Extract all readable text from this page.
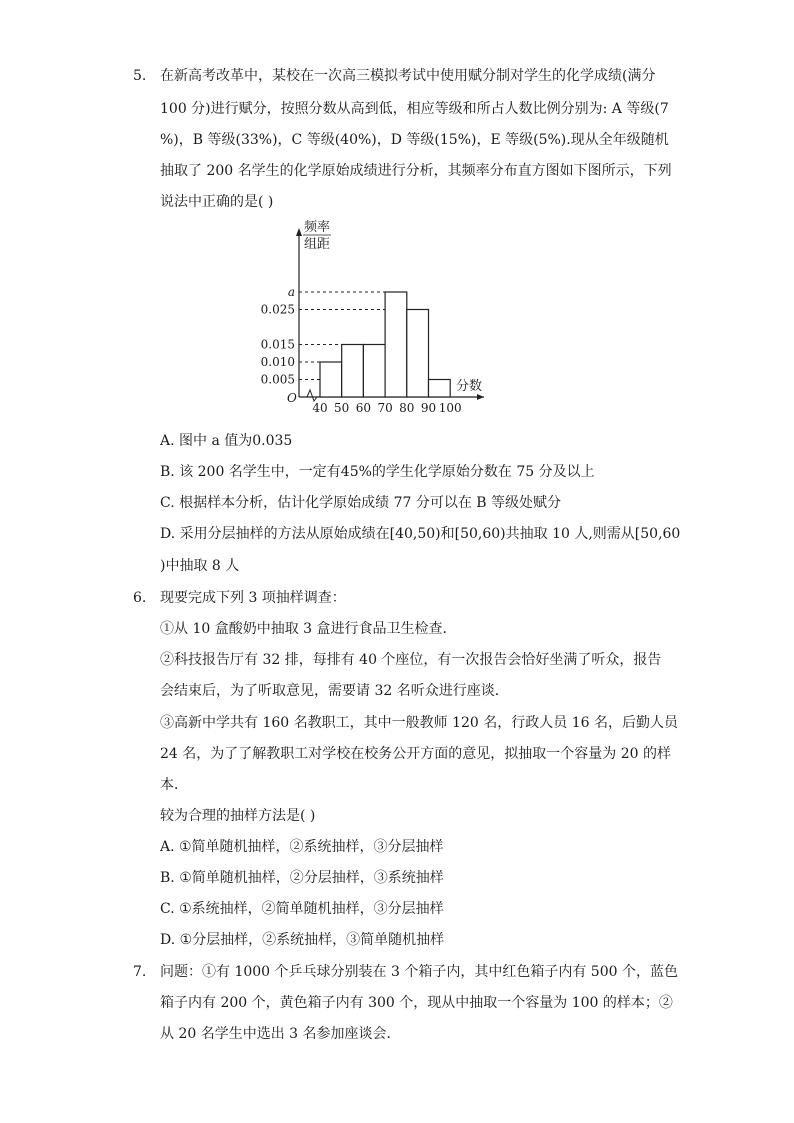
5. 在新高考改革中，某校在一次高三模拟考试中使用赋分制对学生的化学成绩(满分
100 分)进行赋分，按照分数从高到低，相应等级和所占人数比例分别为: A 等级(7
%)，B 等级(33%)，C 等级(40%)，D 等级(15%)，E 等级(5%).现从全年级随机
抽取了 200 名学生的化学原始成绩进行分析，其频率分布直方图如下图所示，下列
说法中正确的是( )
频率
组距
0.005
0.010
0.015
0.025
a
40 50 60 70 80 90 100
O
分数
A. 图中 a 值为0.035
B. 该 200 名学生中，一定有45%的学生化学原始分数在 75 分及以上
C. 根据样本分析，估计化学原始成绩 77 分可以在 B 等级处赋分
D. 采用分层抽样的方法从原始成绩在[40,50)和[50,60)共抽取 10 人,则需从[50,60
)中抽取 8 人
6. 现要完成下列 3 项抽样调查：
①从 10 盒酸奶中抽取 3 盒进行食品卫生检查．
②科技报告厅有 32 排，每排有 40 个座位，有一次报告会恰好坐满了听众，报告
会结束后，为了听取意见，需要请 32 名听众进行座谈．
③高新中学共有 160 名教职工，其中一般教师 120 名，行政人员 16 名，后勤人员
24 名，为了了解教职工对学校在校务公开方面的意见，拟抽取一个容量为 20 的样
本．
较为合理的抽样方法是( )
A. ①简单随机抽样，②系统抽样，③分层抽样
B. ①简单随机抽样，②分层抽样，③系统抽样
C. ①系统抽样，②简单随机抽样，③分层抽样
D. ①分层抽样，②系统抽样，③简单随机抽样
7. 问题：①有 1000 个乒乓球分别装在 3 个箱子内，其中红色箱子内有 500 个，蓝色
箱子内有 200 个，黄色箱子内有 300 个，现从中抽取一个容量为 100 的样本；②
从 20 名学生中选出 3 名参加座谈会．
